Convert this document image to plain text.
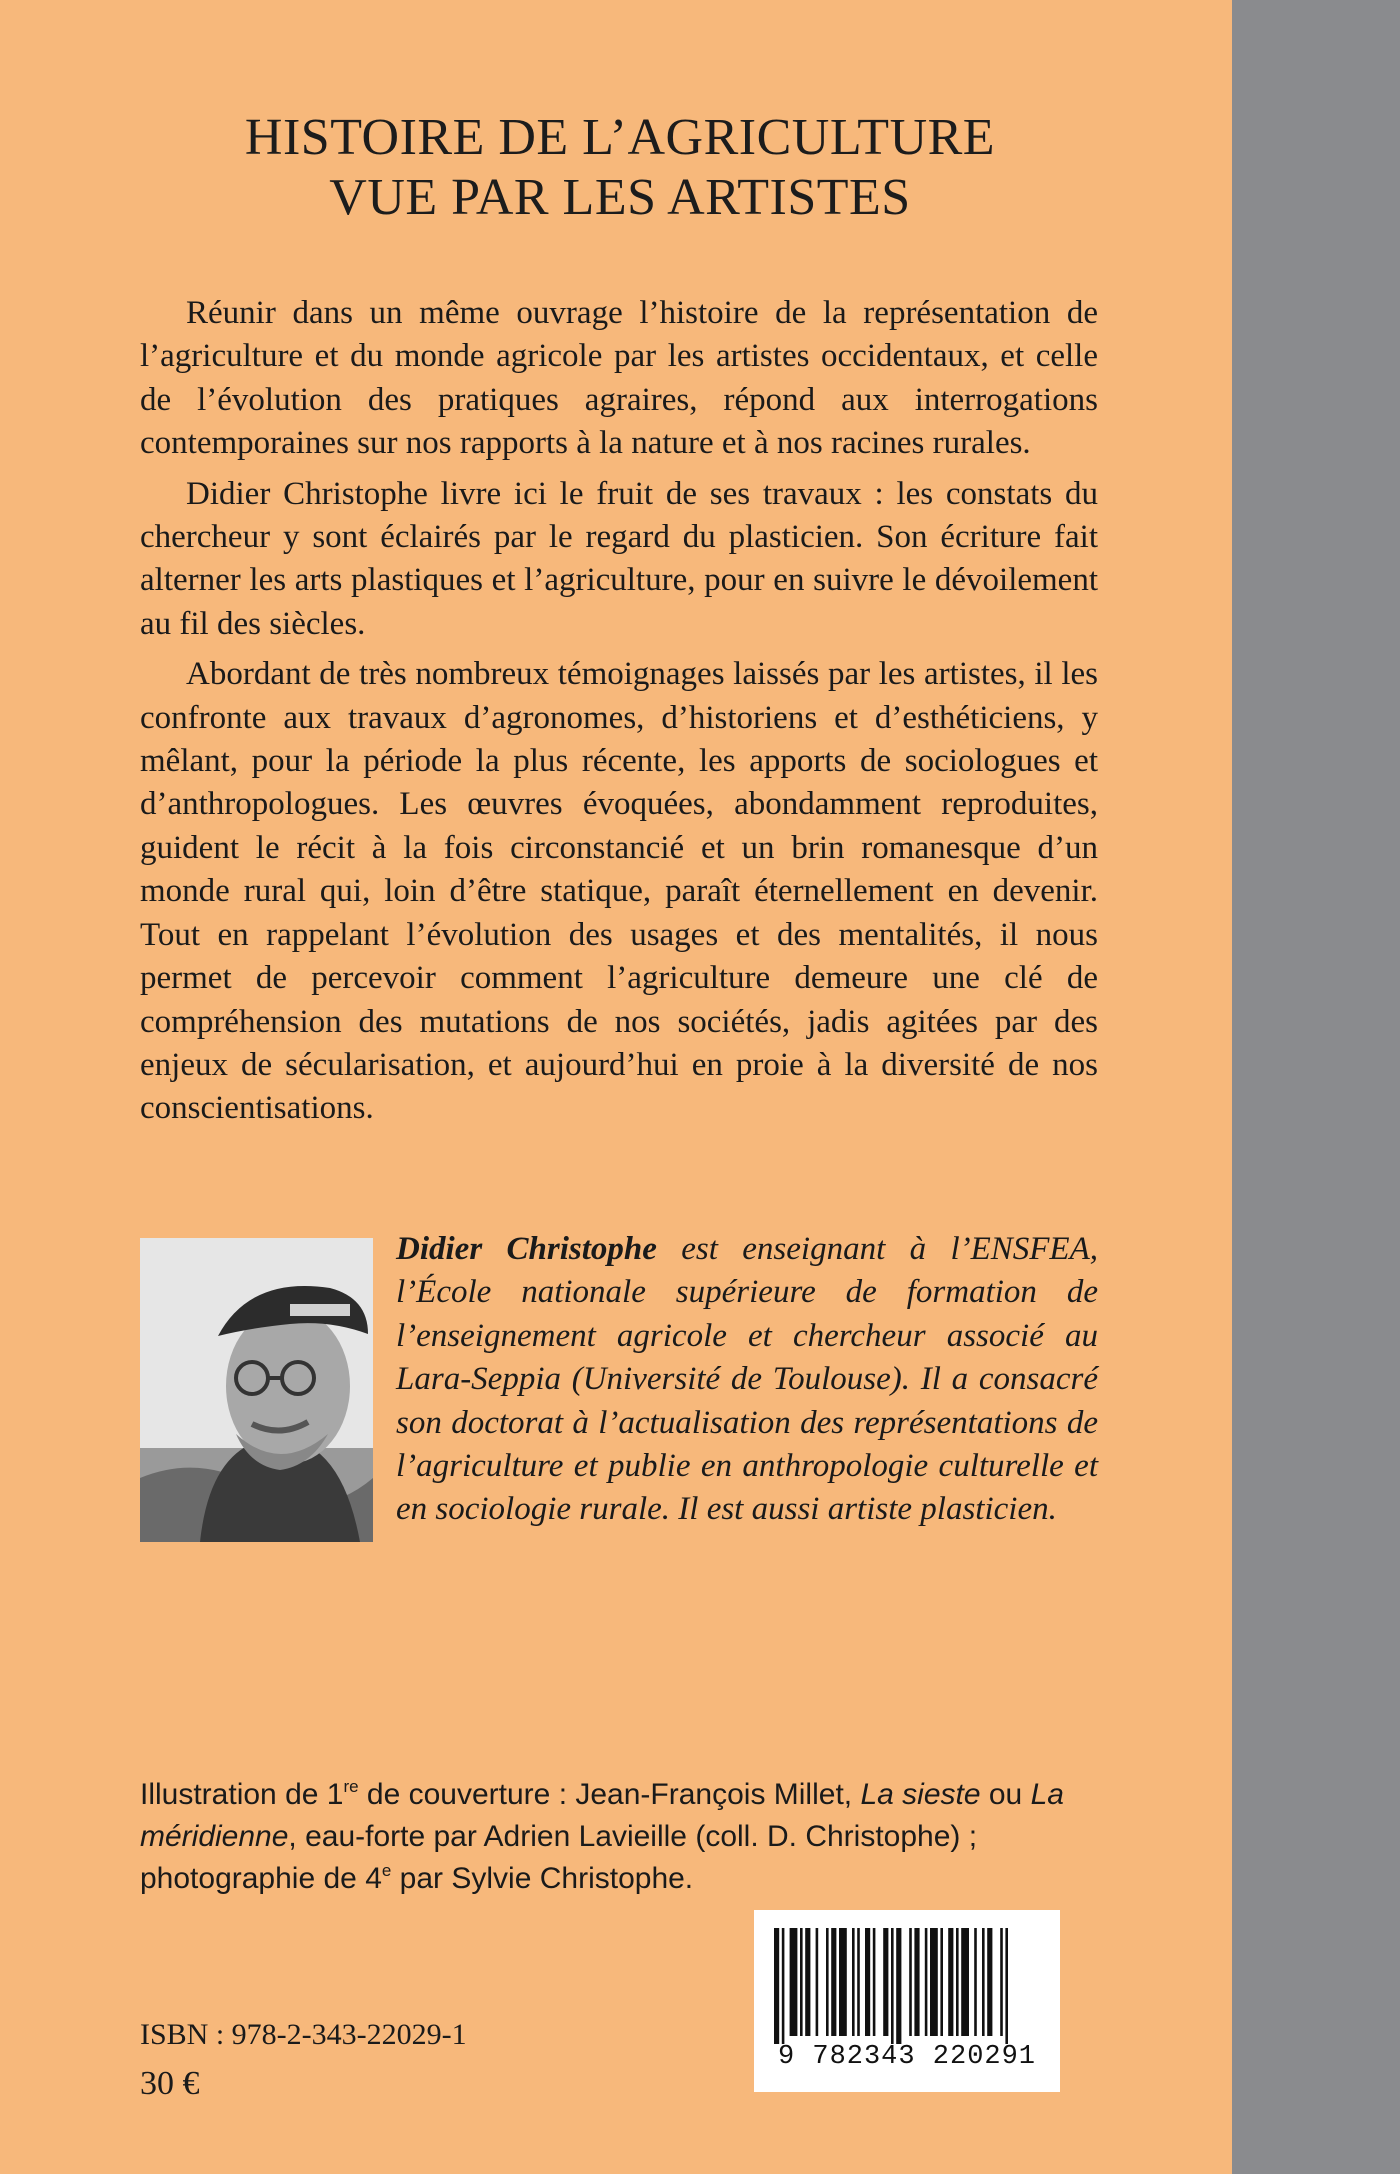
HISTOIRE DE L’AGRICULTURE
VUE PAR LES ARTISTES

Réunir dans un même ouvrage l’histoire de la représentation de l’agriculture et du monde agricole par les artistes occidentaux, et celle de l’évolution des pratiques agraires, répond aux interrogations contemporaines sur nos rapports à la nature et à nos racines rurales.

Didier Christophe livre ici le fruit de ses travaux : les constats du chercheur y sont éclairés par le regard du plasticien. Son écriture fait alterner les arts plastiques et l’agriculture, pour en suivre le dévoilement au fil des siècles.

Abordant de très nombreux témoignages laissés par les artistes, il les confronte aux travaux d’agronomes, d’historiens et d’esthéticiens, y mêlant, pour la période la plus récente, les apports de sociologues et d’anthropologues. Les œuvres évoquées, abondamment reproduites, guident le récit à la fois circonstancié et un brin romanesque d’un monde rural qui, loin d’être statique, paraît éternellement en devenir. Tout en rappelant l’évolution des usages et des mentalités, il nous permet de percevoir comment l’agriculture demeure une clé de compréhension des mutations de nos sociétés, jadis agitées par des enjeux de sécularisation, et aujourd’hui en proie à la diversité de nos conscientisations.

Didier Christophe est enseignant à l’ENSFEA, l’École nationale supérieure de formation de l’enseignement agricole et chercheur associé au Lara-Seppia (Université de Toulouse). Il a consacré son doctorat à l’actualisation des représentations de l’agriculture et publie en anthropologie culturelle et en sociologie rurale. Il est aussi artiste plasticien.
Illustration de 1re de couverture : Jean-François Millet, La sieste ou La méridienne, eau-forte par Adrien Lavieille (coll. D. Christophe) ; photographie de 4e par Sylvie Christophe.
9 782343 220291
ISBN : 978-2-343-22029-1
30 €
